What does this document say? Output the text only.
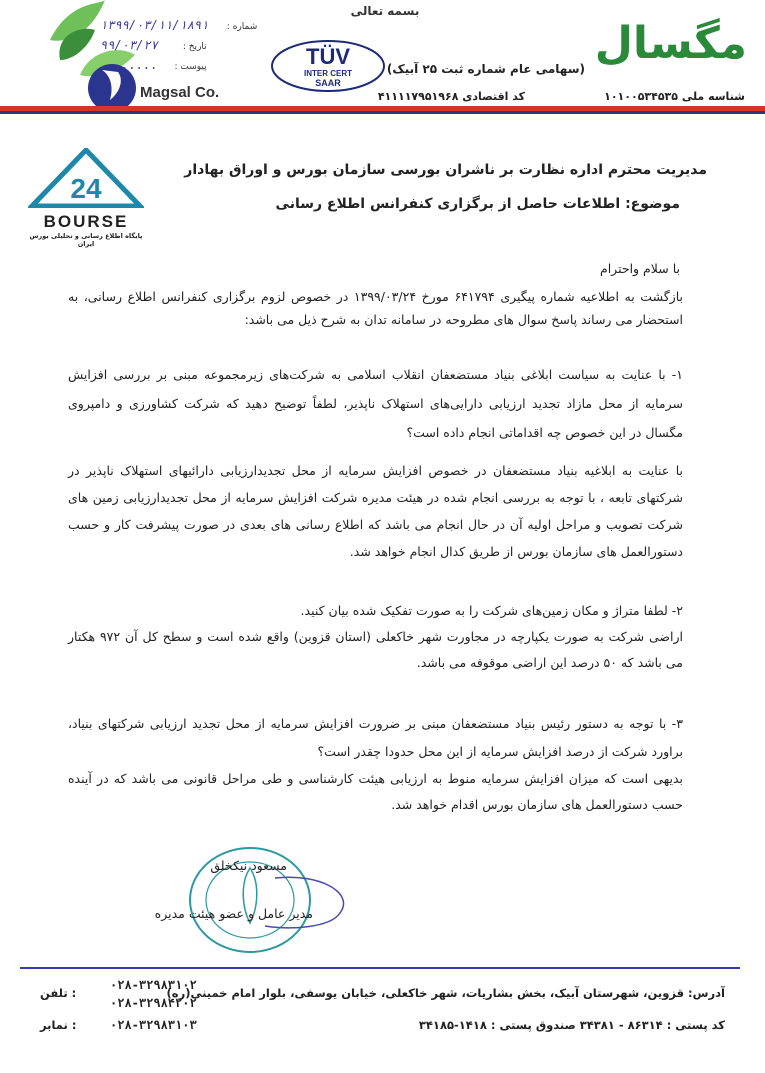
بسمه تعالی
مگسال
(سهامی عام شماره ثبت ۲۵ آبیک)
شناسه ملی ۱۰۱۰۰۵۳۴۵۳۵
کد اقتصادی ۴۱۱۱۱۷۹۵۱۹۶۸
TÜV
INTER CERT
SAAR
Magsal Co.
۱۳۹۹/۰۳/۱۱/۱۸۹۱ شماره :
۹۹/۰۳/۲۷	تاریخ :
........ پیوست :
24
BOURSE
پایگاه اطلاع رسانی و تحلیلی بورس ایران
مدیریت محترم اداره نظارت بر ناشران بورسی سازمان بورس و اوراق بهادار
موضوع: اطلاعات حاصل از برگزاری کنفرانس اطلاع رسانی
با سلام واحترام
بازگشت به اطلاعیه شماره پیگیری ۶۴۱۷۹۴ مورخ ۱۳۹۹/۰۳/۲۴ در خصوص لزوم برگزاری کنفرانس اطلاع رسانی، به استحضار می رساند پاسخ سوال های مطروحه در سامانه تدان به شرح ذیل می باشد:
۱- با عنایت به سیاست ابلاغی بنیاد مستضعفان انقلاب اسلامی به شرکت‌های زیرمجموعه مبنی بر بررسی افزایش سرمایه از محل مازاد تجدید ارزیابی دارایی‌های استهلاک ناپذیر، لطفاً توضیح دهید که شرکت کشاورزی و دامپروی مگسال در این خصوص چه اقداماتی انجام داده است؟
با عنایت به ابلاغیه بنیاد مستضعفان در خصوص افزایش سرمایه از محل تجدیدارزیابی دارائیهای استهلاک ناپذیر در شرکتهای تابعه ، با توجه به بررسی انجام شده در هیئت مدیره شرکت افزایش سرمایه از محل تجدیدارزیابی زمین های شرکت تصویب و مراحل اولیه آن در حال انجام می باشد که اطلاع رسانی های بعدی در صورت پیشرفت کار و حسب دستورالعمل های سازمان بورس از طریق کدال انجام خواهد شد.
۲- لطفا متراژ و مکان زمین‌های شرکت را به صورت تفکیک شده بیان کنید.
اراضی شرکت به صورت یکپارچه در مجاورت شهر خاکعلی (استان قزوین) واقع شده است و سطح کل آن ۹۷۲ هکتار می باشد که ۵۰ درصد این اراضی موقوفه می باشد.
۳- با توجه به دستور رئیس بنیاد مستضعفان مبنی بر ضرورت افزایش سرمایه از محل تجدید ارزیابی شرکتهای بنیاد، براورد شرکت از درصد افزایش سرمایه از این محل حدودا چقدر است؟
بدیهی است که میزان افزایش سرمایه منوط به ارزیابی هیئت کارشناسی و طی مراحل قانونی می باشد که در آینده حسب دستورالعمل های سازمان بورس اقدام خواهد شد.
مسعود نیکخلق
مدیر عامل و عضو هیئت مدیره
آدرس: قزوین، شهرستان آبیک، بخش بشاریات، شهر خاکعلی، خیابان یوسفی، بلوار امام خمینی(ره)
کد پستی : ۸۶۳۱۴ - ۳۴۳۸۱ صندوق پستی : ۱۴۱۸-۳۴۱۸۵
: تلفن
۰۲۸-۳۲۹۸۳۱۰۲
۰۲۸-۳۲۹۸۴۲۰۲
: نمابر	۰۲۸-۳۲۹۸۳۱۰۳
